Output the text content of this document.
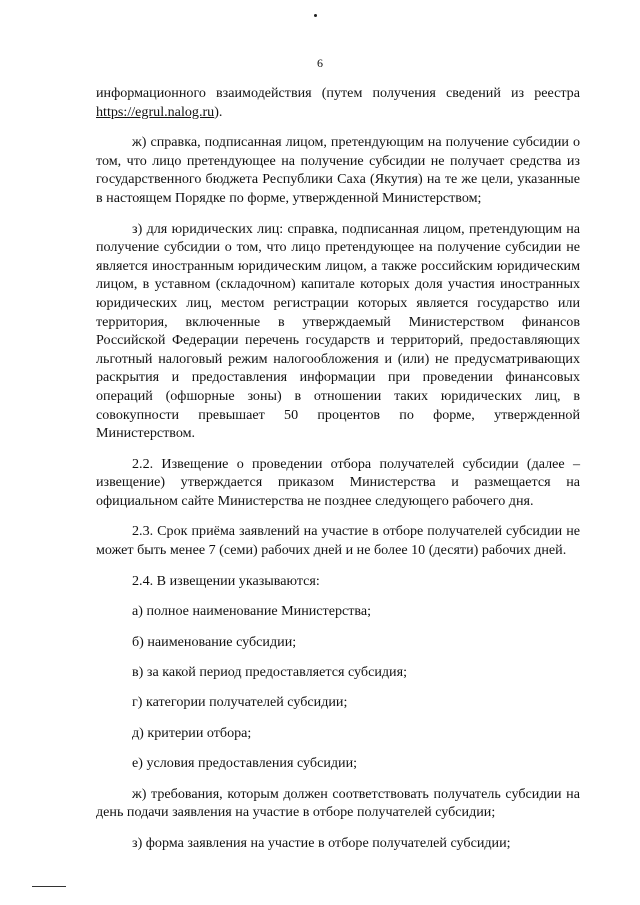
6

информационного взаимодействия (путем получения сведений из реестра https://egrul.nalog.ru).

ж) справка, подписанная лицом, претендующим на получение субсидии о том, что лицо претендующее на получение субсидии не получает средства из государственного бюджета Республики Саха (Якутия) на те же цели, указанные в настоящем Порядке по форме, утвержденной Министерством;

з) для юридических лиц: справка, подписанная лицом, претендующим на получение субсидии о том, что лицо претендующее на получение субсидии не является иностранным юридическим лицом, а также российским юридическим лицом, в уставном (складочном) капитале которых доля участия иностранных юридических лиц, местом регистрации которых является государство или территория, включенные в утверждаемый Министерством финансов Российской Федерации перечень государств и территорий, предоставляющих льготный налоговый режим налогообложения и (или) не предусматривающих раскрытия и предоставления информации при проведении финансовых операций (офшорные зоны) в отношении таких юридических лиц, в совокупности превышает 50 процентов по форме, утвержденной Министерством.

2.2. Извещение о проведении отбора получателей субсидии (далее – извещение) утверждается приказом Министерства и размещается на официальном сайте Министерства не позднее следующего рабочего дня.

2.3. Срок приёма заявлений на участие в отборе получателей субсидии не может быть менее 7 (семи) рабочих дней и не более 10 (десяти) рабочих дней.

2.4. В извещении указываются:

а) полное наименование Министерства;

б) наименование субсидии;

в) за какой период предоставляется субсидия;

г) категории получателей субсидии;

д) критерии отбора;

е) условия предоставления субсидии;

ж) требования, которым должен соответствовать получатель субсидии на день подачи заявления на участие в отборе получателей субсидии;

з) форма заявления на участие в отборе получателей субсидии;
